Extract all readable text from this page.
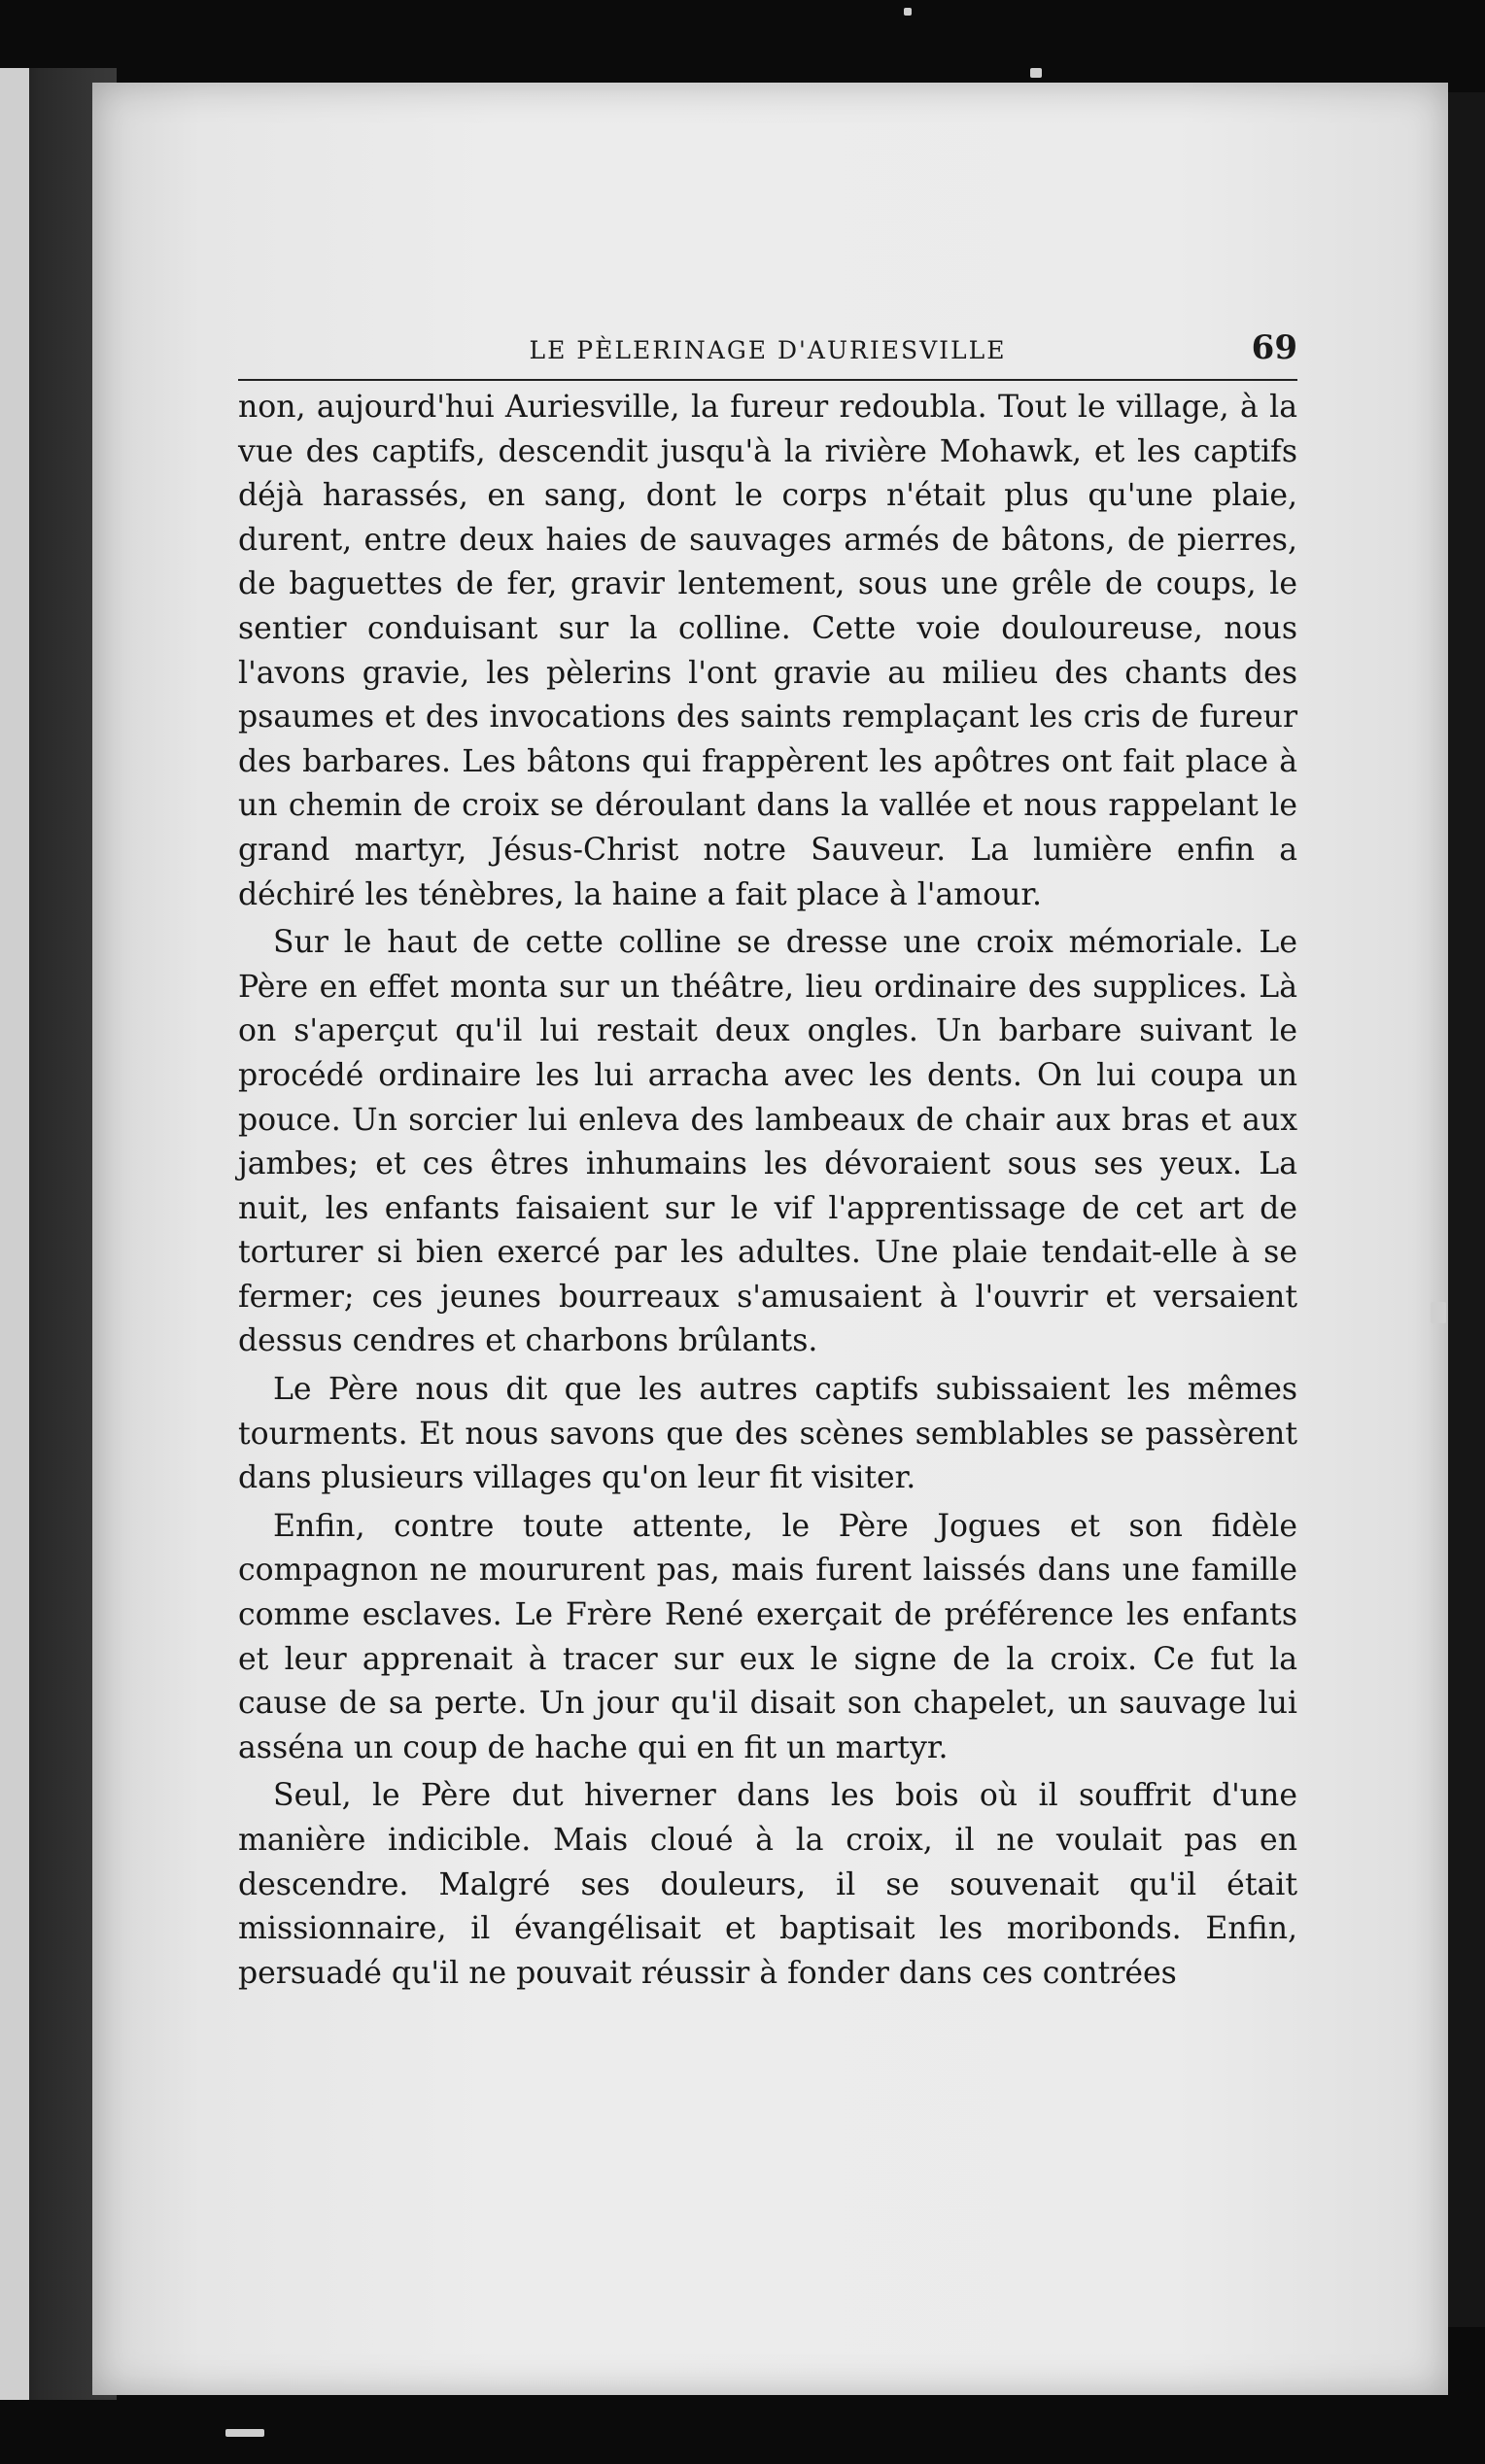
LE PÈLERINAGE D'AURIESVILLE	69

non, aujourd'hui Auriesville, la fureur redoubla. Tout le village, à la vue des captifs, descendit jusqu'à la rivière Mohawk, et les captifs déjà harassés, en sang, dont le corps n'était plus qu'une plaie, durent, entre deux haies de sauvages armés de bâtons, de pierres, de baguettes de fer, gravir lentement, sous une grêle de coups, le sentier conduisant sur la colline. Cette voie douloureuse, nous l'avons gravie, les pèlerins l'ont gravie au milieu des chants des psaumes et des invocations des saints remplaçant les cris de fureur des barbares. Les bâtons qui frappèrent les apôtres ont fait place à un chemin de croix se déroulant dans la vallée et nous rappelant le grand martyr, Jésus-Christ notre Sauveur. La lumière enfin a déchiré les ténèbres, la haine a fait place à l'amour.

Sur le haut de cette colline se dresse une croix mémoriale. Le Père en effet monta sur un théâtre, lieu ordinaire des supplices. Là on s'aperçut qu'il lui restait deux ongles. Un barbare suivant le procédé ordinaire les lui arracha avec les dents. On lui coupa un pouce. Un sorcier lui enleva des lambeaux de chair aux bras et aux jambes; et ces êtres inhumains les dévoraient sous ses yeux. La nuit, les enfants faisaient sur le vif l'apprentissage de cet art de torturer si bien exercé par les adultes. Une plaie tendait-elle à se fermer; ces jeunes bourreaux s'amusaient à l'ouvrir et versaient dessus cendres et charbons brûlants.

Le Père nous dit que les autres captifs subissaient les mêmes tourments. Et nous savons que des scènes semblables se passèrent dans plusieurs villages qu'on leur fit visiter.

Enfin, contre toute attente, le Père Jogues et son fidèle compagnon ne moururent pas, mais furent laissés dans une famille comme esclaves. Le Frère René exerçait de préférence les enfants et leur apprenait à tracer sur eux le signe de la croix. Ce fut la cause de sa perte. Un jour qu'il disait son chapelet, un sauvage lui asséna un coup de hache qui en fit un martyr.

Seul, le Père dut hiverner dans les bois où il souffrit d'une manière indicible. Mais cloué à la croix, il ne voulait pas en descendre. Malgré ses douleurs, il se souvenait qu'il était missionnaire, il évangélisait et baptisait les moribonds. Enfin, persuadé qu'il ne pouvait réussir à fonder dans ces contrées
